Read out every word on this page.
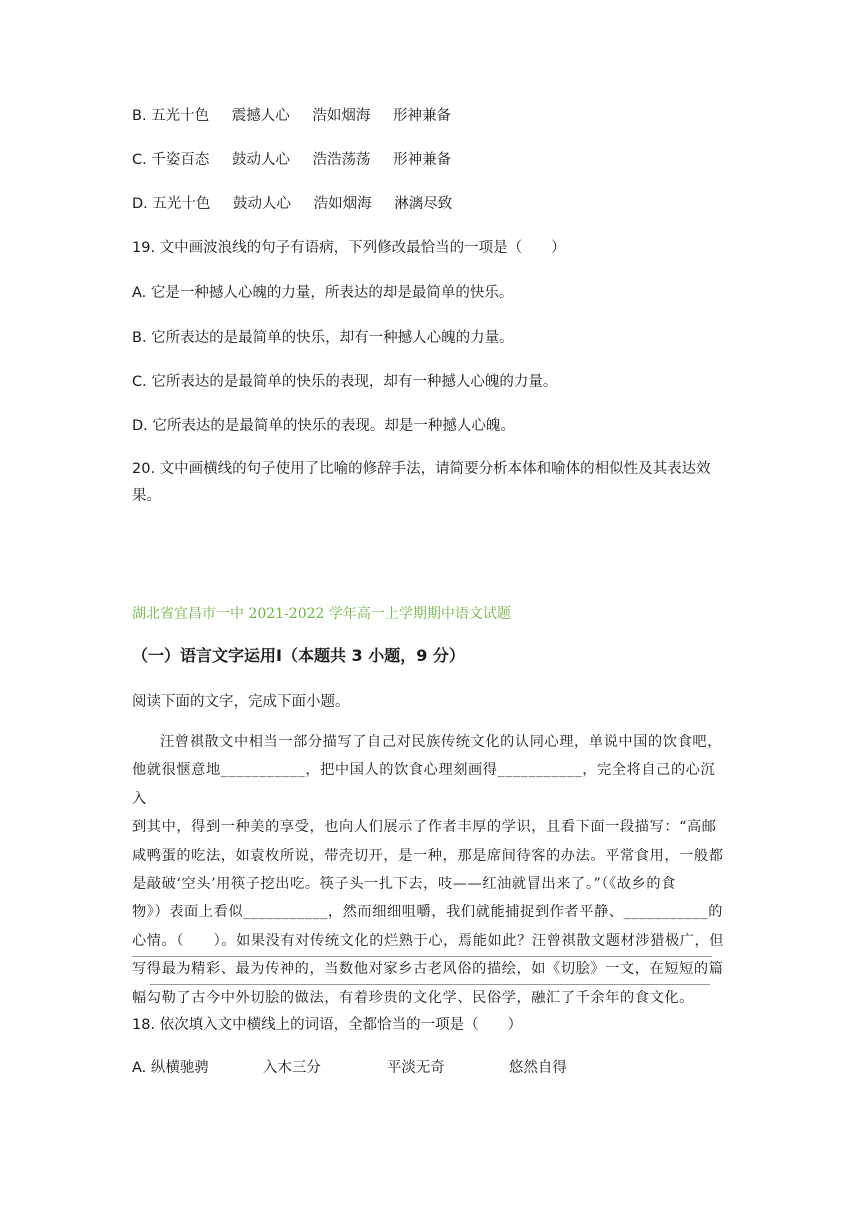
B. 五光十色 震撼人心 浩如烟海 形神兼备
C. 千姿百态 鼓动人心 浩浩荡荡 形神兼备
D. 五光十色 鼓动人心 浩如烟海 淋漓尽致
19. 文中画波浪线的句子有语病，下列修改最恰当的一项是（　　）
A. 它是一种撼人心魄的力量，所表达的却是最简单的快乐。
B. 它所表达的是最简单的快乐，却有一种撼人心魄的力量。
C. 它所表达的是最简单的快乐的表现，却有一种撼人心魄的力量。
D. 它所表达的是最简单的快乐的表现。却是一种撼人心魄。
20. 文中画横线的句子使用了比喻的修辞手法，请简要分析本体和喻体的相似性及其表达效
果。
湖北省宜昌市一中 2021-2022 学年高一上学期期中语文试题
（一）语言文字运用Ⅰ（本题共 3 小题，9 分）
阅读下面的文字，完成下面小题。
汪曾祺散文中相当一部分描写了自己对民族传统文化的认同心理，单说中国的饮食吧，
他就很惬意地___________，把中国人的饮食心理刻画得___________，完全将自己的心沉入
到其中，得到一种美的享受，也向人们展示了作者丰厚的学识，且看下面一段描写：“高邮
咸鸭蛋的吃法，如袁枚所说，带壳切开，是一种，那是席间待客的办法。平常食用，一般都
是敲破‘空头’用筷子挖出吃。筷子头一扎下去，吱——红油就冒出来了。”（《故乡的食
物》）表面上看似___________，然而细细咀嚼，我们就能捕捉到作者平静、___________的
心情。（　　）。如果没有对传统文化的烂熟于心，焉能如此？汪曾祺散文题材涉猎极广，但
写得最为精彩、最为传神的，当数他对家乡古老风俗的描绘，如《切脍》一文，在短短的篇
幅勾勒了古今中外切脍的做法，有着珍贵的文化学、民俗学，融汇了千余年的食文化。
18. 依次填入文中横线上的词语，全都恰当的一项是（　　）
A. 纵横驰骋	入木三分	平淡无奇	悠然自得
